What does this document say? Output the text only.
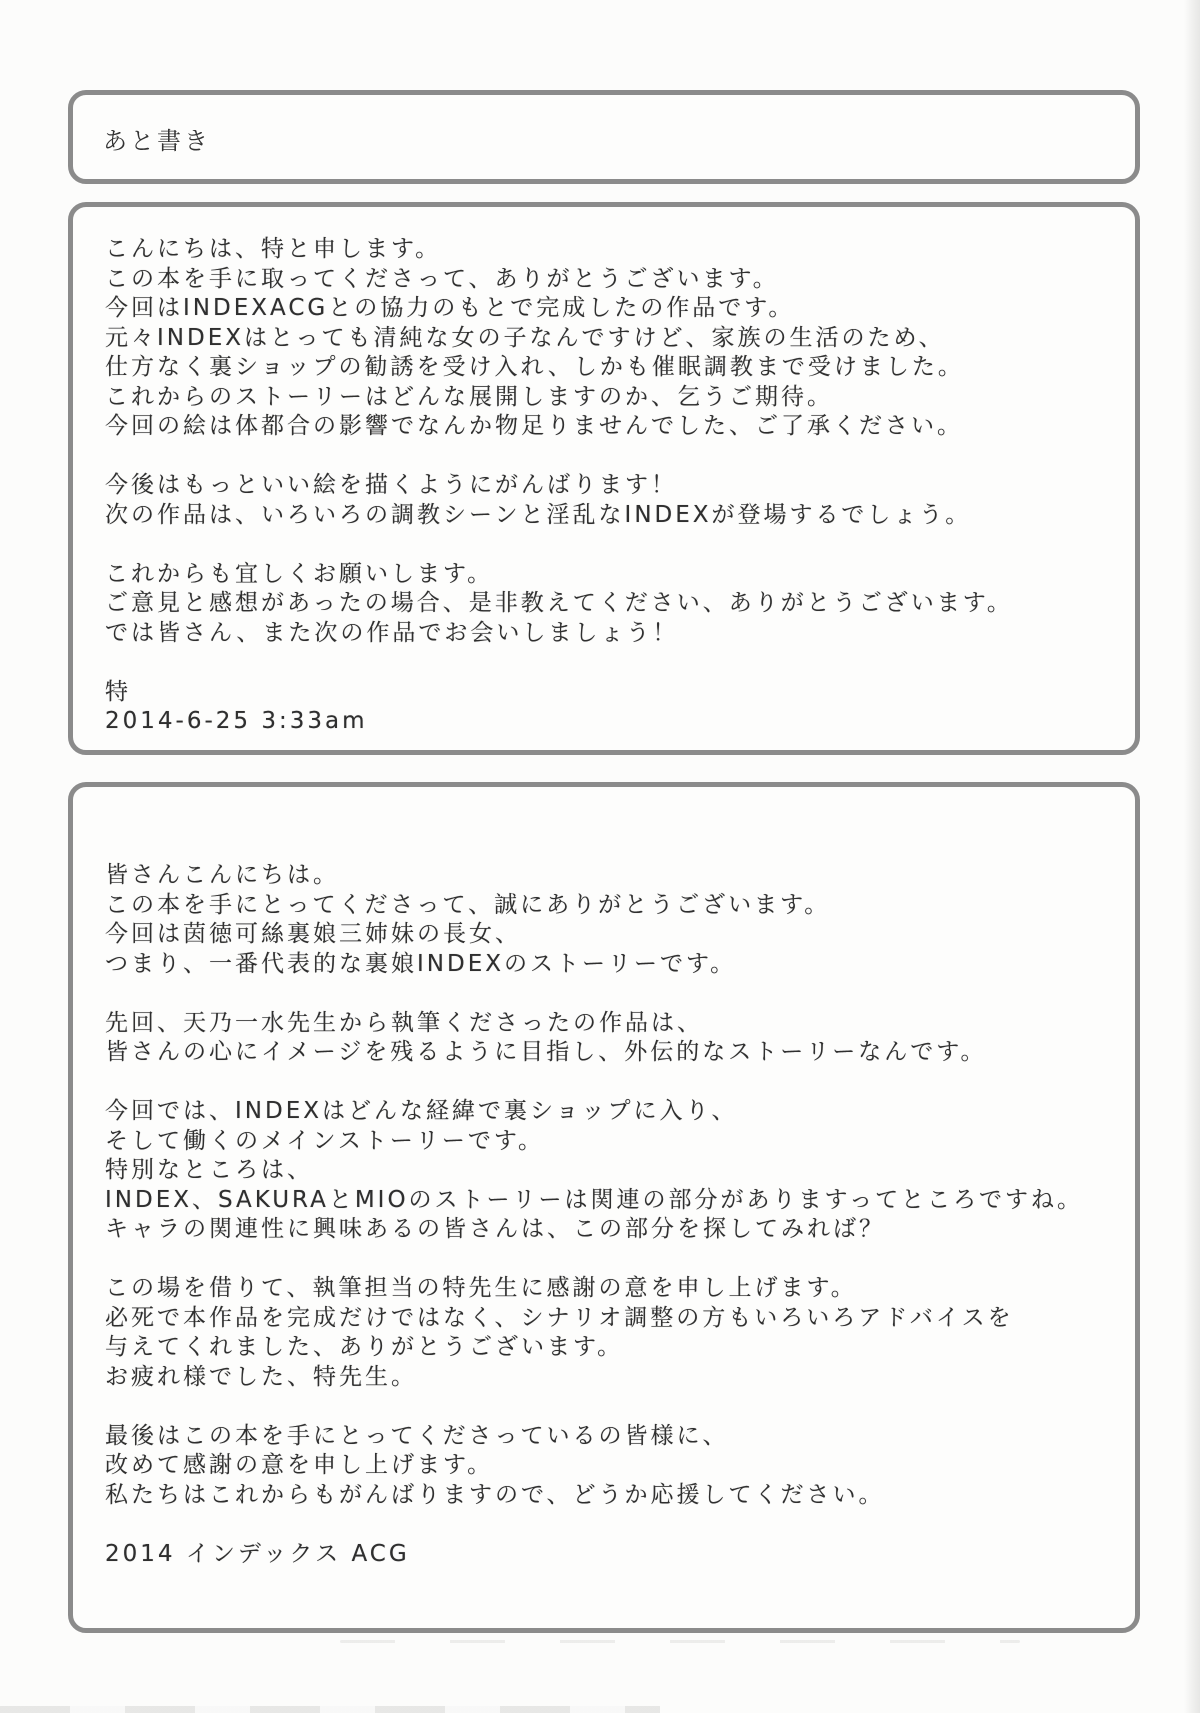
あと書き
こんにちは、特と申します。
この本を手に取ってくださって、ありがとうございます。
今回はINDEXACGとの協力のもとで完成したの作品です。
元々INDEXはとっても清純な女の子なんですけど、家族の生活のため、
仕方なく裏ショップの勧誘を受け入れ、しかも催眠調教まで受けました。
これからのストーリーはどんな展開しますのか、乞うご期待。
今回の絵は体都合の影響でなんか物足りませんでした、ご了承ください。

今後はもっといい絵を描くようにがんばります！
次の作品は、いろいろの調教シーンと淫乱なINDEXが登場するでしょう。

これからも宜しくお願いします。
ご意見と感想があったの場合、是非教えてください、ありがとうございます。
では皆さん、また次の作品でお会いしましょう！

特
2014-6-25 3:33am
皆さんこんにちは。
この本を手にとってくださって、誠にありがとうございます。
今回は茵徳可絲裏娘三姉妹の長女、
つまり、一番代表的な裏娘INDEXのストーリーです。

先回、天乃一水先生から執筆くださったの作品は、
皆さんの心にイメージを残るように目指し、外伝的なストーリーなんです。

今回では、INDEXはどんな経緯で裏ショップに入り、
そして働くのメインストーリーです。
特別なところは、
INDEX、SAKURAとMIOのストーリーは関連の部分がありますってところですね。
キャラの関連性に興味あるの皆さんは、この部分を探してみれば？

この場を借りて、執筆担当の特先生に感謝の意を申し上げます。
必死で本作品を完成だけではなく、シナリオ調整の方もいろいろアドバイスを
与えてくれました、ありがとうございます。
お疲れ様でした、特先生。

最後はこの本を手にとってくださっているの皆様に、
改めて感謝の意を申し上げます。
私たちはこれからもがんばりますので、どうか応援してください。

2014 インデックス ACG
